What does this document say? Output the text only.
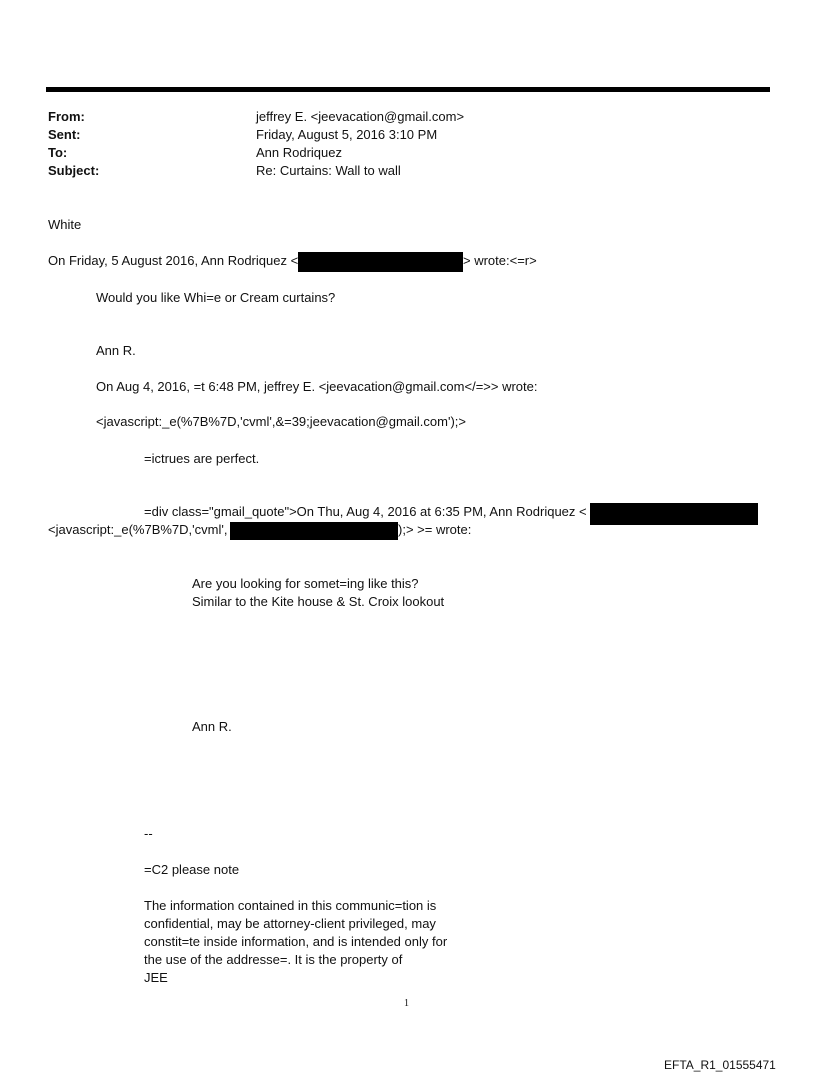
From:	jeffrey E. <jeevacation@gmail.com>
Sent:	Friday, August 5, 2016 3:10 PM
To:	Ann Rodriquez
Subject:	Re: Curtains: Wall to wall
White
On Friday, 5 August 2016, Ann Rodriquez <	> wrote:<=r>
Would you like Whi=e or Cream curtains?
Ann R.
On Aug 4, 2016, =t 6:48 PM, jeffrey E. <jeevacation@gmail.com</=>> wrote:
<javascript:_e(%7B%7D,'cvml',&=39;jeevacation@gmail.com');>
=ictrues are perfect.
=div class="gmail_quote">On Thu, Aug 4, 2016 at 6:35 PM, Ann Rodriquez <
<javascript:_e(%7B%7D,'cvml',	);> >= wrote:
Are you looking for somet=ing like this?
Similar to the Kite house & St. Croix lookout
Ann R.
--
=C2 please note
The information contained in this communic=tion is
confidential, may be attorney-client privileged, may
constit=te inside information, and is intended only for
the use of the addresse=. It is the property of
JEE
1
EFTA_R1_01555471
